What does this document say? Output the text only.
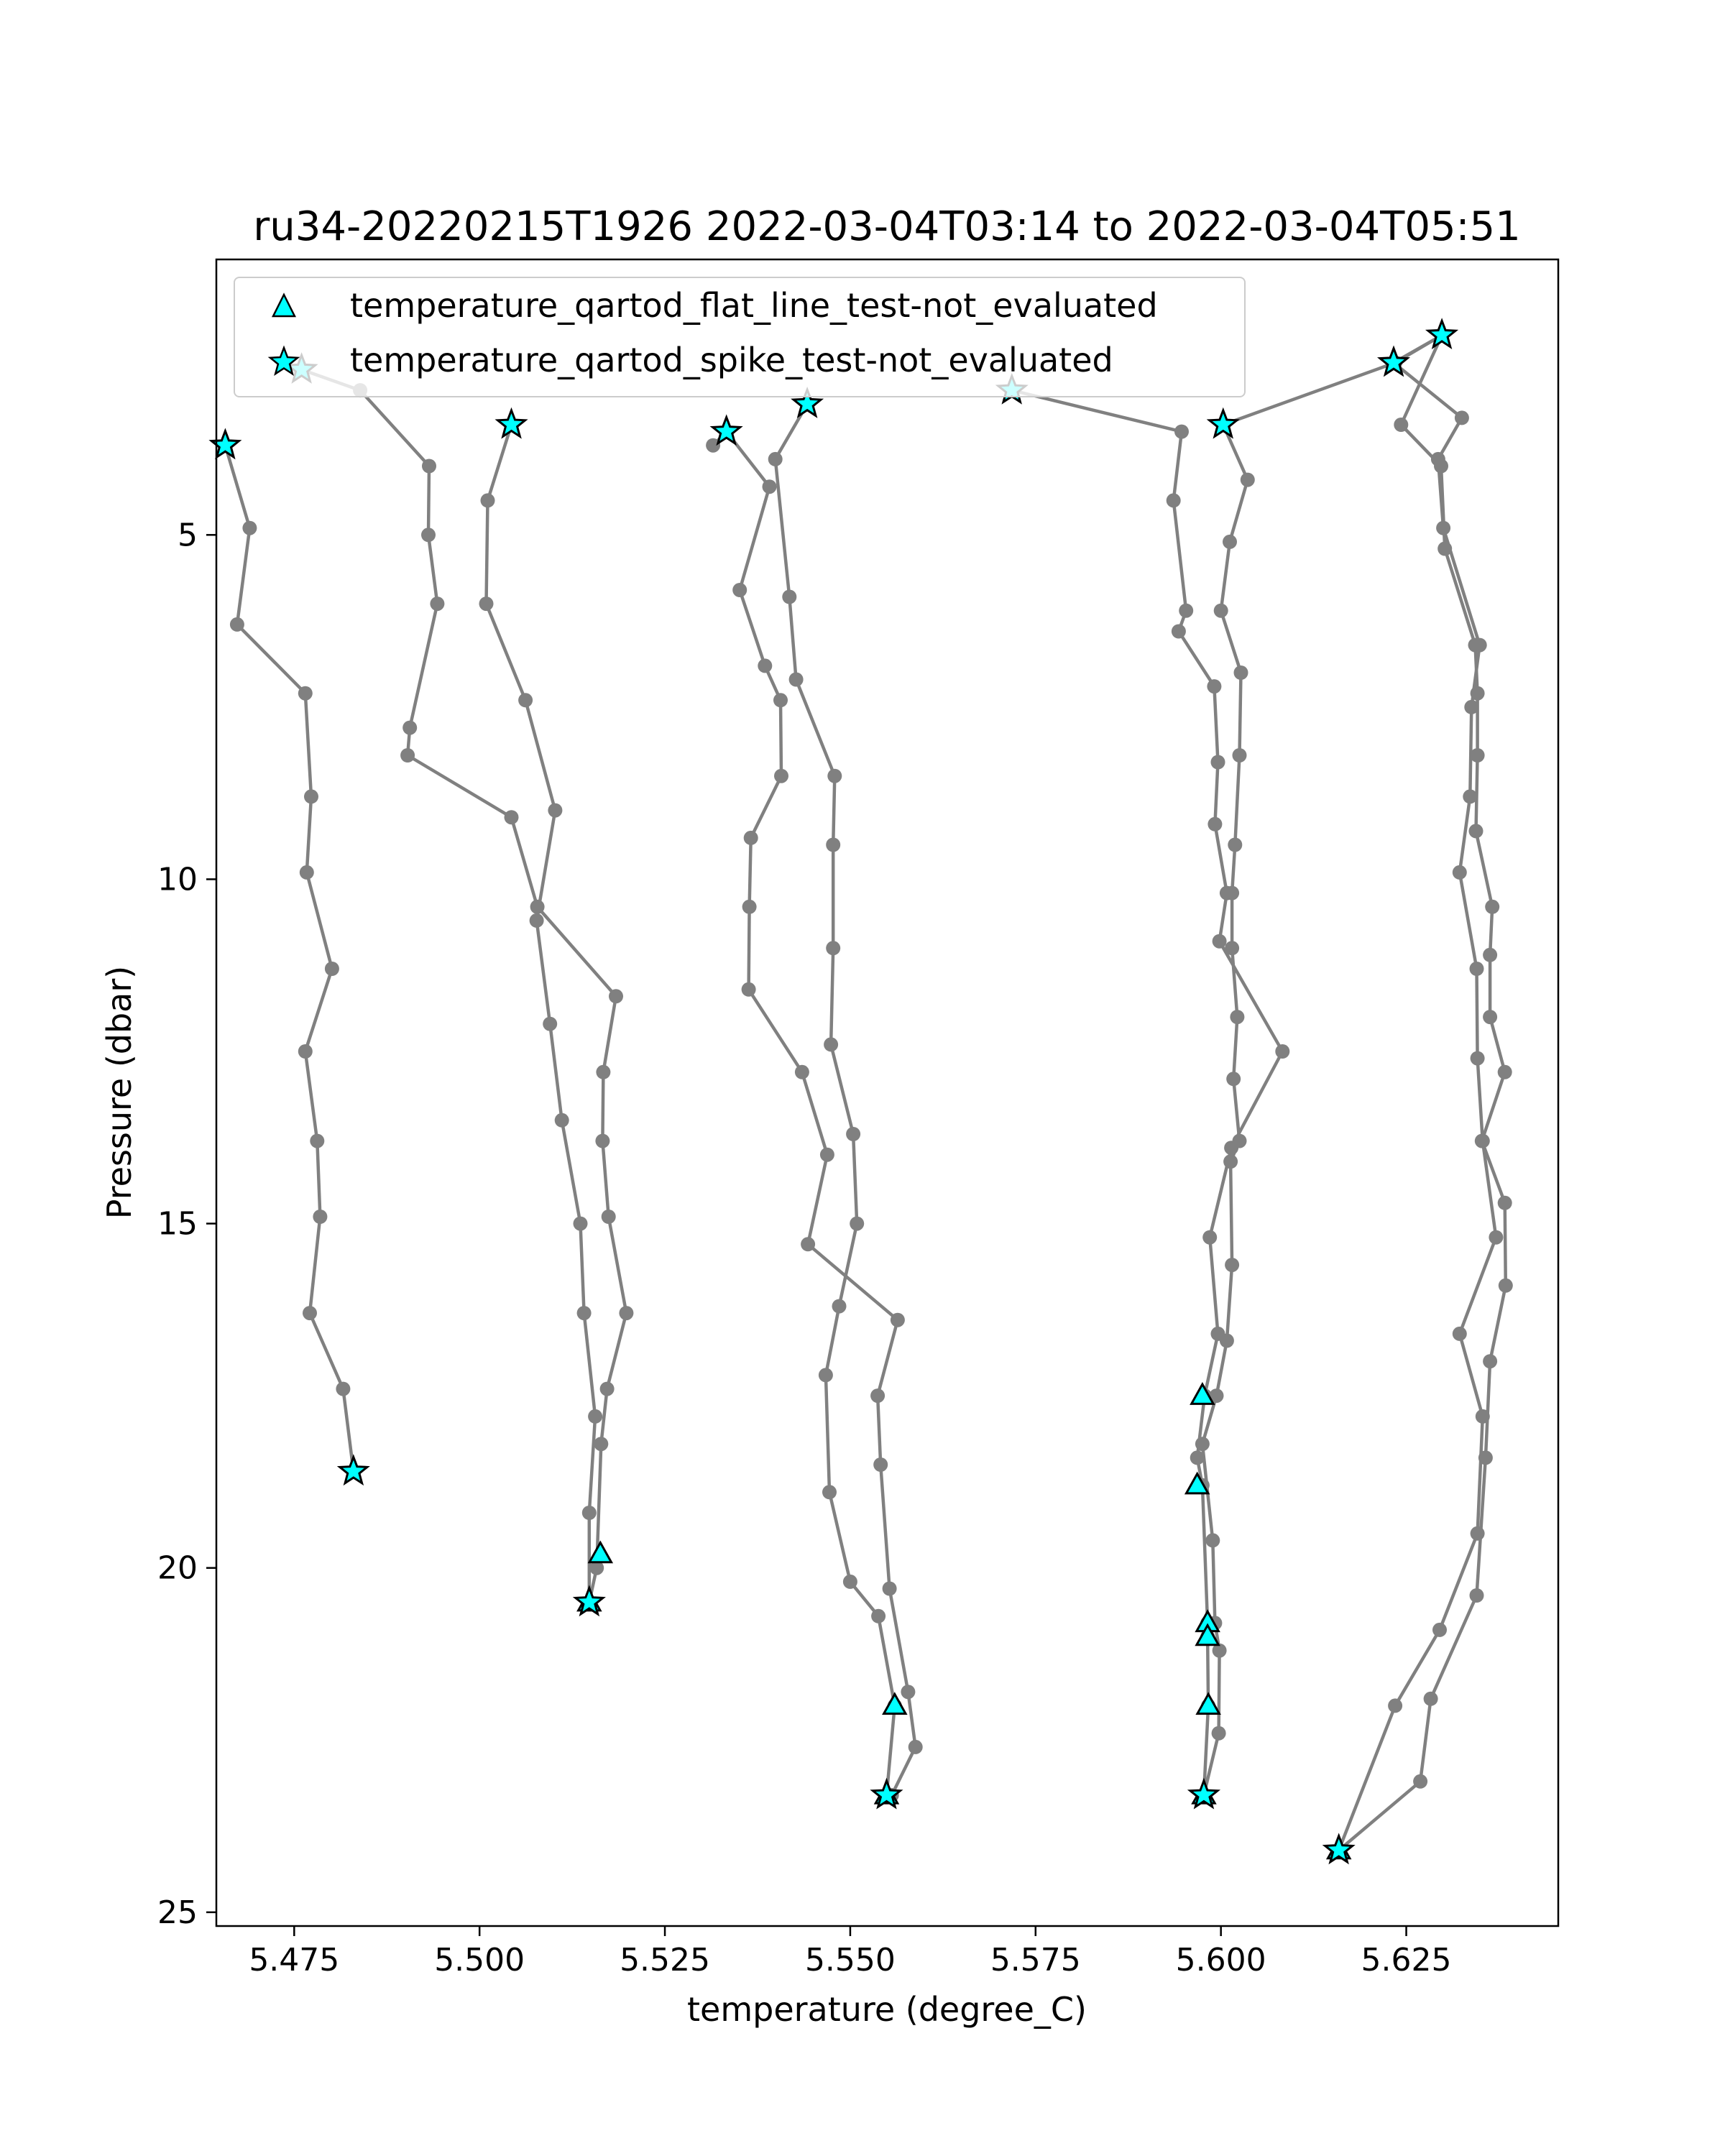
5.475	5.500	5.525	5.550	5.575	5.600	5.625
5
10
15
20
25
ru34-20220215T1926 2022-03-04T03:14 to 2022-03-04T05:51
temperature (degree_C)
Pressure (dbar)
temperature_qartod_flat_line_test-not_evaluated
temperature_qartod_spike_test-not_evaluated
